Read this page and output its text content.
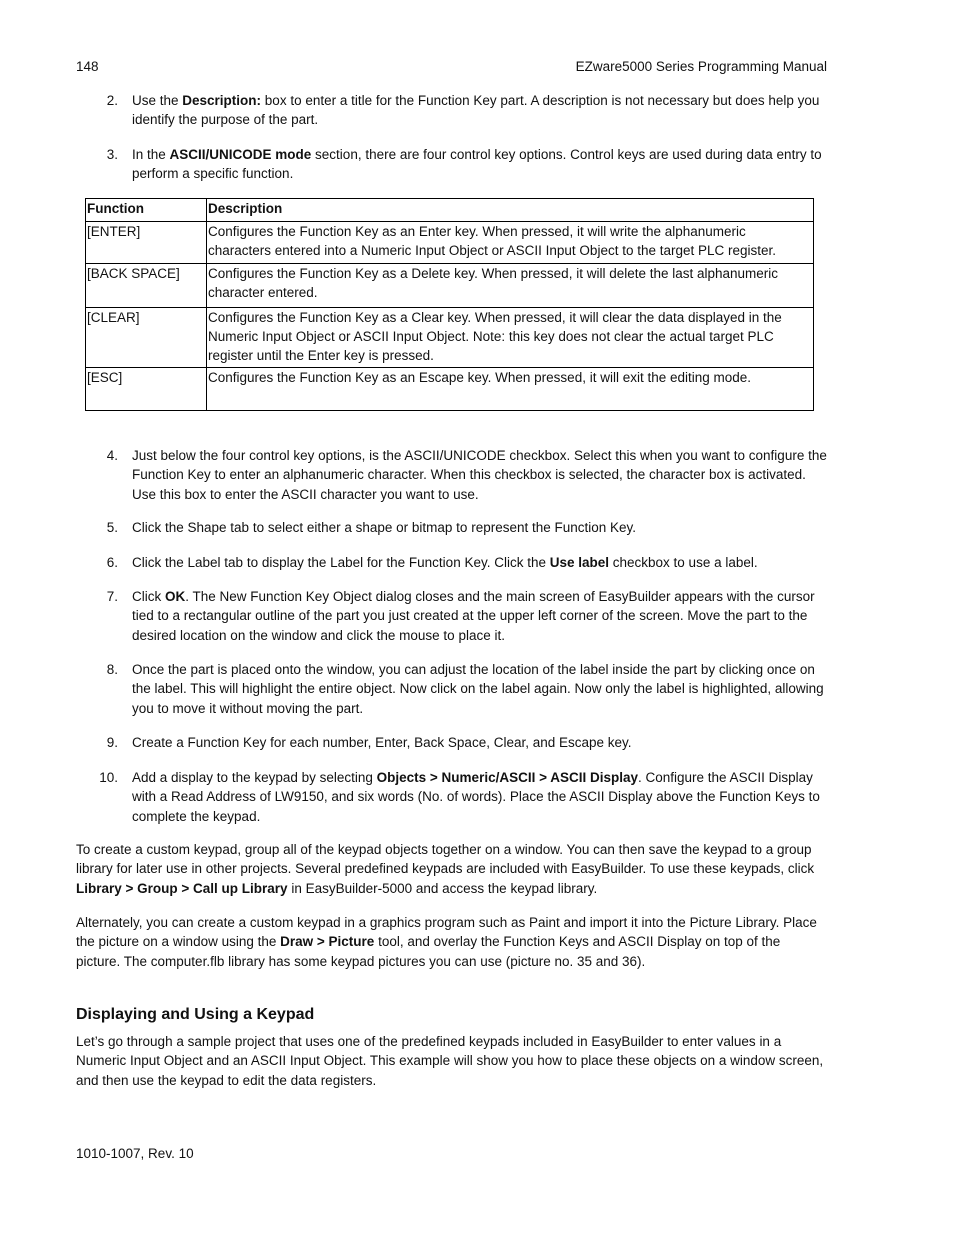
148	EZware5000 Series Programming Manual
2. Use the Description: box to enter a title for the Function Key part. A description is not necessary but does help you identify the purpose of the part.
3. In the ASCII/UNICODE mode section, there are four control key options. Control keys are used during data entry to perform a specific function.
Function	Description
[ENTER]	Configures the Function Key as an Enter key. When pressed, it will write the alphanumeric characters entered into a Numeric Input Object or ASCII Input Object to the target PLC register.
[BACK SPACE]	Configures the Function Key as a Delete key. When pressed, it will delete the last alphanumeric character entered.
[CLEAR]	Configures the Function Key as a Clear key. When pressed, it will clear the data displayed in the Numeric Input Object or ASCII Input Object. Note: this key does not clear the actual target PLC register until the Enter key is pressed.
[ESC]	Configures the Function Key as an Escape key. When pressed, it will exit the editing mode.
4. Just below the four control key options, is the ASCII/UNICODE checkbox. Select this when you want to configure the Function Key to enter an alphanumeric character. When this checkbox is selected, the character box is activated. Use this box to enter the ASCII character you want to use.
5. Click the Shape tab to select either a shape or bitmap to represent the Function Key.
6. Click the Label tab to display the Label for the Function Key. Click the Use label checkbox to use a label.
7. Click OK. The New Function Key Object dialog closes and the main screen of EasyBuilder appears with the cursor tied to a rectangular outline of the part you just created at the upper left corner of the screen. Move the part to the desired location on the window and click the mouse to place it.
8. Once the part is placed onto the window, you can adjust the location of the label inside the part by clicking once on the label. This will highlight the entire object. Now click on the label again. Now only the label is highlighted, allowing you to move it without moving the part.
9. Create a Function Key for each number, Enter, Back Space, Clear, and Escape key.
10. Add a display to the keypad by selecting Objects > Numeric/ASCII > ASCII Display. Configure the ASCII Display with a Read Address of LW9150, and six words (No. of words). Place the ASCII Display above the Function Keys to complete the keypad.
To create a custom keypad, group all of the keypad objects together on a window. You can then save the keypad to a group library for later use in other projects. Several predefined keypads are included with EasyBuilder. To use these keypads, click Library > Group > Call up Library in EasyBuilder-5000 and access the keypad library.
Alternately, you can create a custom keypad in a graphics program such as Paint and import it into the Picture Library. Place the picture on a window using the Draw > Picture tool, and overlay the Function Keys and ASCII Display on top of the picture. The computer.flb library has some keypad pictures you can use (picture no. 35 and 36).
Displaying and Using a Keypad
Let’s go through a sample project that uses one of the predefined keypads included in EasyBuilder to enter values in a Numeric Input Object and an ASCII Input Object. This example will show you how to place these objects on a window screen, and then use the keypad to edit the data registers.
1010-1007, Rev. 10
